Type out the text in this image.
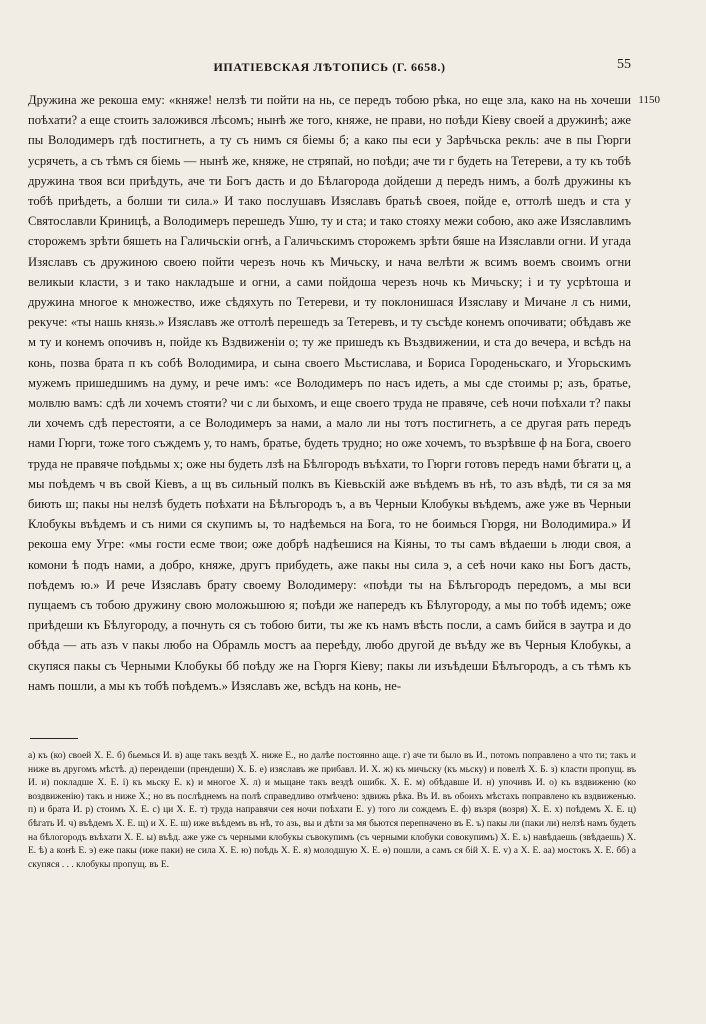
ИПАТІЕВСКАЯ ЛѢТОПИСЬ (Г. 6658.)	55
1150

Дружина же рекоша ему: «княже! нелзѣ ти пойти на нь, се передъ тобою рѣка, но еще зла, како на нь хочеши поѣхати? а еще стоить заложився лѣсомъ; нынѣ же того, княже, не прави, но поѣди Кіеву своей а дружинѣ; аже пы Володимеръ гдѣ постигнеть, а ту съ нимъ ся біемы б; а како пы еси у Зарѣчьска рекль: аче в пы Гюрги усрячеть, а съ тѣмъ ся біемь — нынѣ же, княже, не стряпай, но поѣди; аче ти г будеть на Тетереви, а ту къ тобѣ дружина твоя вси приѣдуть, аче ти Богъ дасть и до Бѣлагорода дойдеши д передъ нимъ, а болѣ дружины къ тобѣ приѣдеть, а болши ти сила.» И тако послушавъ Изяславъ братьѣ своея, пойде е, оттолѣ шедъ и ста у Святославли Криницѣ, а Володимеръ перешедъ Ушю, ту и ста; и тако стояху межи собою, ако аже Изяславлимъ сторожемъ зрѣти бяшеть на Галичьскіи огнѣ, а Галичьскимъ сторожемъ зрѣти бяше на Изяславли огни. И угада Изяславъ съ дружиною своею пойти черезъ ночь къ Мичьску, и нача велѣти ж всимъ воемъ своимъ огни великыи класти, з и тако накладъше и огни, а сами пойдоша черезъ ночь къ Мичьску; і и ту усрѣтоша и дружина многое к множество, иже сѣдяхуть по Тетереви, и ту поклонишася Изяславу и Мичане л съ ними, рекуче: «ты нашь князь.» Изяславъ же оттолѣ перешедъ за Тетеревъ, и ту съсѣде конемъ опочивати; обѣдавъ же м ту и конемъ опочивъ н, пойде къ Вздвиженіи о; ту же пришедъ къ Въздвижении, и ста до вечера, и всѣдъ на конь, позва брата п къ собѣ Володимира, и сына своего Мьстислава, и Борисa Городеньскаго, и Угорьскимъ мужемъ пришедшимъ на думу, и рече имъ: «се Володимеръ по насъ идеть, а мы сде стоимы р; азъ, братье, молвлю вамъ: сдѣ ли хочемъ стояти? чи с ли быхомъ, и еще своего труда не правяче, сеѣ ночи поѣхали т? пакы ли хочемъ сдѣ перестояти, а се Володимеръ за нами, а мало ли ны тотъ постигнеть, а се другая рать передъ нами Гюрги, тоже того съждемъ у, то намъ, братье, будеть трудно; но оже хочемъ, то възрѣвше ф на Бога, своего труда не правяче поѣдьмы х; оже ны будеть лзѣ на Бѣлгородъ въѣхати, то Гюрги готовъ передъ нами бѣгати ц, а мы поѣдемъ ч въ свой Кіевъ, а щ въ сильный полкъ въ Кіевьскій аже въѣдемъ въ нѣ, то азъ вѣдѣ, ти ся за мя биють ш; пакы ны нелзѣ будеть поѣхати на Бѣлъгородъ ъ, а въ Черныи Клобукы въѣдемъ, аже уже въ Черныи Клобукы въѣдемъ и съ ними ся скупимъ ы, то надѣемься на Бога, то не боимься Гюрgя, ни Володимира.» И рекоша ему Угре: «мы гости есме твои; оже добрѣ надѣешися на Кіяны, то ты самъ вѣдаеши ь люди своя, а комони ѣ подъ нами, а добро, княже, другъ прибудеть, аже пакы ны сила э, а сеѣ ночи како ны Богъ дасть, поѣдемъ ю.» И рече Изяславъ брату своему Володимеру: «поѣди ты на Бѣлъгородъ передомъ, а мы вси пущаемъ съ тобою дружину свою моложьшюю я; поѣди же напередъ къ Бѣлугороду, а мы по тобѣ идемъ; оже приѣдеши къ Бѣлугороду, а почнуть ся съ тобою бити, ты же къ намъ вѣсть посли, а самъ бийся в заутра и до обѣда — ать азъ v пакы любо на Обрамль мостъ аа переѣду, любо другой де въѣду же въ Черныя Клобукы, а скупяся пакы съ Черными Клобукы бб поѣду же на Гюргя Кіеву; пакы ли изъѣдеши Бѣлъгородъ, а съ тѣмъ къ намъ пошли, а мы къ тобѣ поѣдемъ.» Изяславъ же, всѣдъ на конь, не-

а) къ (ко) своей Х. Е. б) бьемься И. в) аще такъ вездѣ Х. ниже Е., но далѣе постоянно аще. г) аче ти было въ И., потомъ поправлено а что ти; такъ и ниже въ другомъ мѣстѣ. д) переидеши (прендеши) Х. Б. е) изяславъ же прибавл. И. Х. ж) къ мичьску (къ мьску) и повелѣ Х. Б. з) класти пропущ. въ И. и) покладше Х. Е. і) къ мьску Е. к) и многое Х. л) и мьщане такъ вездѣ ошибк. Х. Е. м) обѣдавше И. н) упочивъ И. о) къ вздвиженю (ко воздвиженію) такъ и ниже Х.; но въ послѣднемъ на полѣ справедливо отмѣчено: здвижь рѣка. Въ И. въ обоихъ мѣстахъ поправлено къ вздвиженью. п) и брата И. р) стоимъ Х. Е. с) ци Х. Е. т) труда направячи сея ночи поѣхати Е. у) того ли сождемъ Е. ф) възря (возря) Х. Е. х) поѣдемъ Х. Е. ц) бѣгать И. ч) въѣдемъ Х. Е. щ) и Х. Е. ш) иже въѣдемъ въ нѣ, то азь, вы и дѣти за мя бьются перепначено въ Е. ъ) пакы ли (паки ли) нелзѣ намъ будеть на бѣлогородъ въѣхати Х. Е. ы) въѣд. аже уже съ черными клобукы съвокупимъ (съ черными клобуки совокупимъ) Х. Е. ь) навѣдаешь (звѣдаешь) Х. Е. ѣ) а конѣ Е. э) еже пакы (иже паки) не сила Х. Е. ю) поѣдь Х. Е. я) молодшую Х. Е. ѳ) пошли, а самъ ся бій Х. Е. v) а Х. Е. аа) мостокъ Х. Е. бб) а скупяся . . . клобукы пропущ. въ Е.
